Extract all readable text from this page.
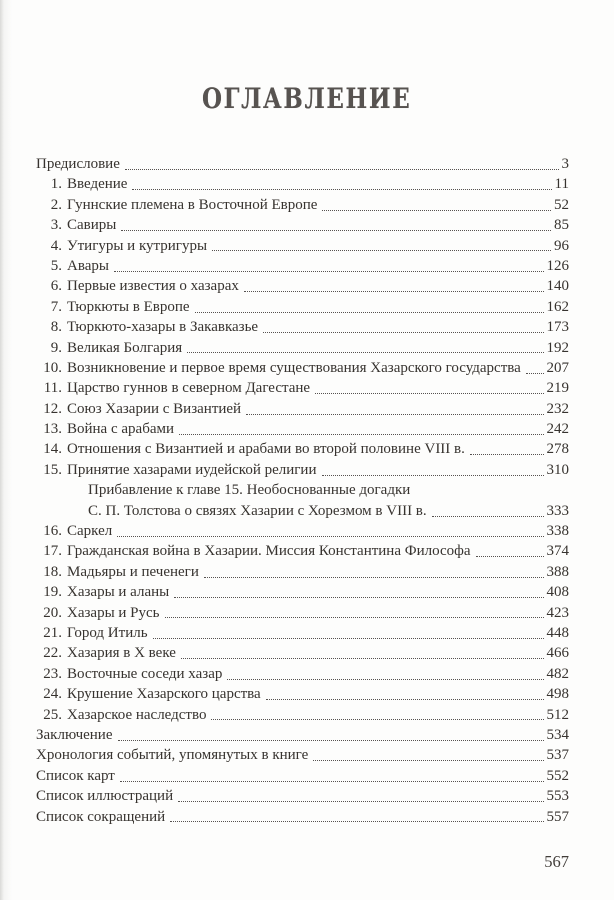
ОГЛАВЛЕНИЕ
Предисловие	3
1. Введение	11
2. Гуннские племена в Восточной Европе	52
3. Савиры	85
4. Утигуры и кутригуры	96
5. Авары	126
6. Первые известия о хазарах	140
7. Тюркюты в Европе	162
8. Тюркюто-хазары в Закавказье	173
9. Великая Болгария	192
10. Возникновение и первое время существования Хазарского государства 207
11. Царство гуннов в северном Дагестане	219
12. Союз Хазарии с Византией	232
13. Война с арабами	242
14. Отношения с Византией и арабами во второй половине VIII в.	278
15. Принятие хазарами иудейской религии	310
Прибавление к главе 15. Необоснованные догадки
С. П. Толстова о связях Хазарии с Хорезмом в VIII в.	333
16. Саркел	338
17. Гражданская война в Хазарии. Миссия Константина Философа	374
18. Мадьяры и печенеги	388
19. Хазары и аланы	408
20. Хазары и Русь	423
21. Город Итиль	448
22. Хазария в X веке	466
23. Восточные соседи хазар	482
24. Крушение Хазарского царства	498
25. Хазарское наследство	512
Заключение	534
Хронология событий, упомянутых в книге	537
Список карт	552
Список иллюстраций	553
Список сокращений	557
567
